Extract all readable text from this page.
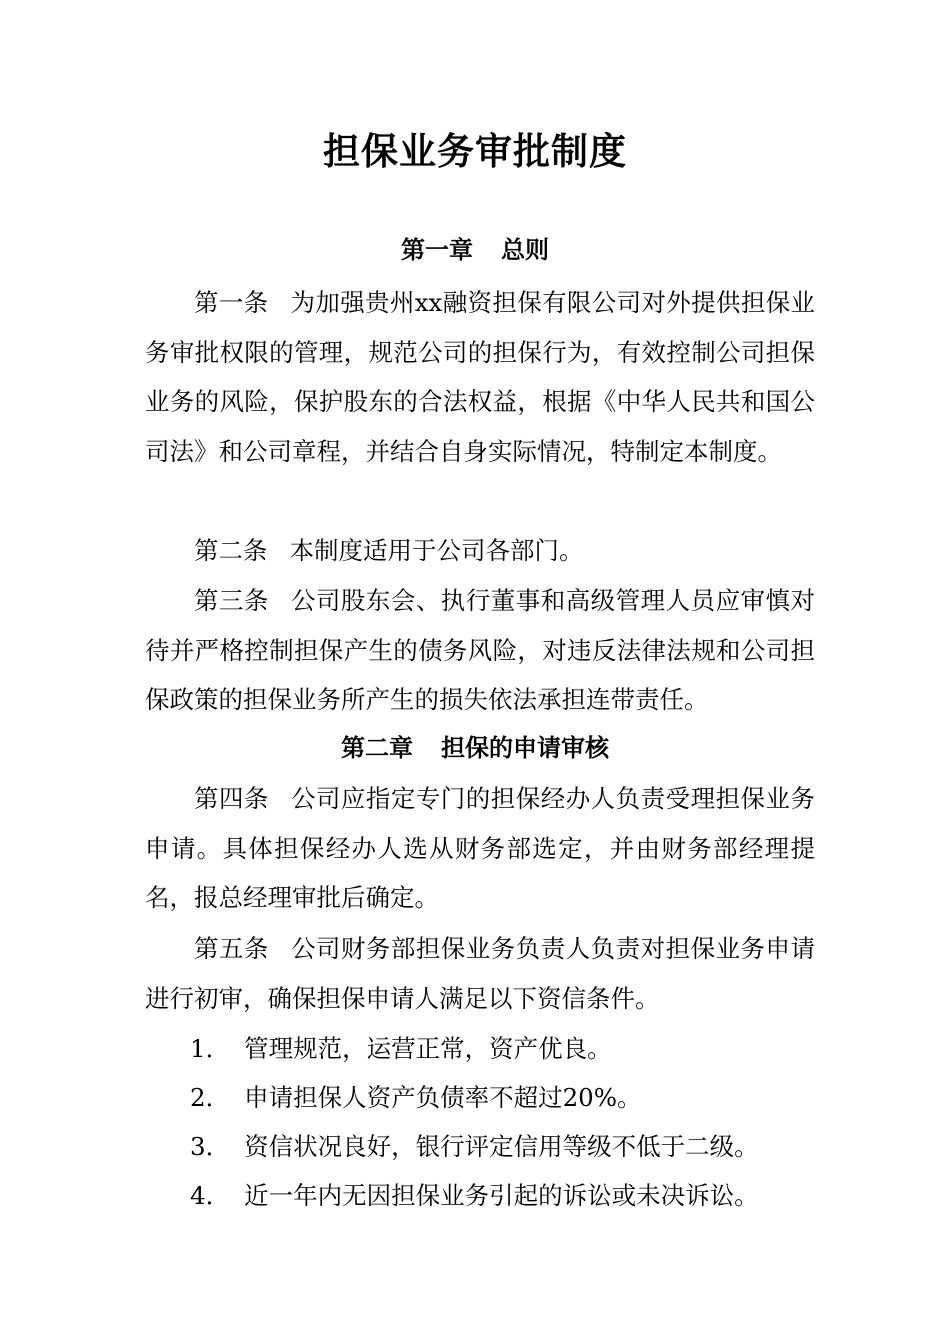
担保业务审批制度
第一章 总则

第一条 为加强贵州xx融资担保有限公司对外提供担保业务审批权限的管理，规范公司的担保行为，有效控制公司担保业务的风险，保护股东的合法权益，根据《中华人民共和国公司法》和公司章程，并结合自身实际情况，特制定本制度。

第二条 本制度适用于公司各部门。

第三条 公司股东会、执行董事和高级管理人员应审慎对待并严格控制担保产生的债务风险，对违反法律法规和公司担保政策的担保业务所产生的损失依法承担连带责任。

第二章 担保的申请审核

第四条 公司应指定专门的担保经办人负责受理担保业务申请。具体担保经办人选从财务部选定，并由财务部经理提名，报总经理审批后确定。

第五条 公司财务部担保业务负责人负责对担保业务申请进行初审，确保担保申请人满足以下资信条件。

1． 管理规范，运营正常，资产优良。

2． 申请担保人资产负债率不超过20%。

3． 资信状况良好，银行评定信用等级不低于二级。

4． 近一年内无因担保业务引起的诉讼或未决诉讼。
